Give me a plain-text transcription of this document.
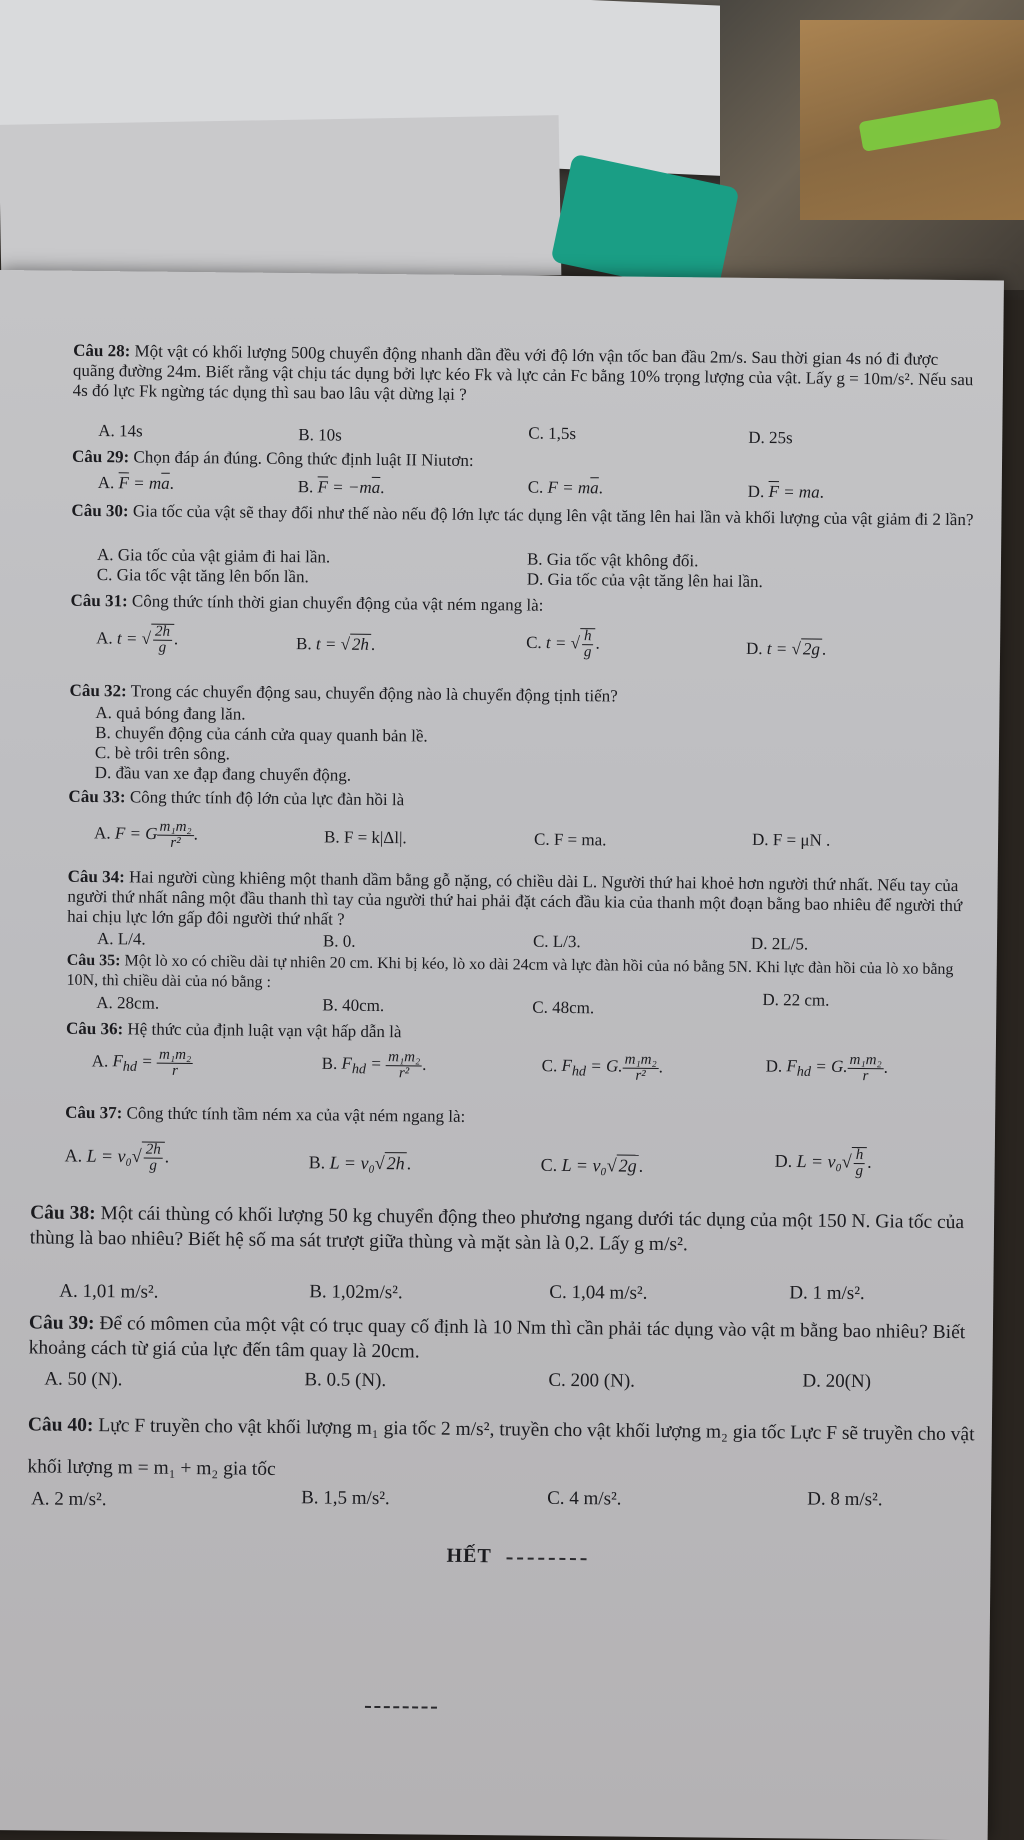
Câu 28: Một vật có khối lượng 500g chuyển động nhanh dần đều với độ lớn vận tốc ban đầu 2m/s. Sau thời gian 4s nó đi được quãng đường 24m. Biết rằng vật chịu tác dụng bởi lực kéo Fk và lực cản Fc bằng 10% trọng lượng của vật. Lấy g = 10m/s². Nếu sau 4s đó lực Fk ngừng tác dụng thì sau bao lâu vật dừng lại ?
A. 14s	B. 10s	C. 1,5s	D. 25s
Câu 29: Chọn đáp án đúng. Công thức định luật II Niutơn:
A. $\overline{F} = m\overline{a}$.	B. $\overline{F} = -m\overline{a}$.	C. $F = m\overline{a}$.	D. $\overline{F}$ = ma.
Câu 30: Gia tốc của vật sẽ thay đổi như thế nào nếu độ lớn lực tác dụng lên vật tăng lên hai lần và khối lượng của vật giảm đi 2 lần?
A. Gia tốc của vật giảm đi hai lần.	B. Gia tốc vật không đổi.
C. Gia tốc vật tăng lên bốn lần.	D. Gia tốc của vật tăng lên hai lần.
Câu 31: Công thức tính thời gian chuyển động của vật ném ngang là:
A. t = √ $\frac{2h}{g}$ .	B. t = √ 2h .	C. t = √ $\frac{h}{g}$ .	D. t = √ 2g .
Câu 32: Trong các chuyển động sau, chuyển động nào là chuyển động tịnh tiến?
A. quả bóng đang lăn.
B. chuyển động của cánh cửa quay quanh bản lề.
C. bè trôi trên sông.
D. đầu van xe đạp đang chuyển động.
Câu 33: Công thức tính độ lớn của lực đàn hồi là
A. F = G $\frac{\text{m₁m₂}}{\text{r²}}$ .	B. F = k|Δl|.	C. F = ma.	D. F = μN .
Câu 34: Hai người cùng khiêng một thanh dầm bằng gỗ nặng, có chiều dài L. Người thứ hai khoẻ hơn người thứ nhất. Nếu tay của người thứ nhất nâng một đầu thanh thì tay của người thứ hai phải đặt cách đầu kia của thanh một đoạn bằng bao nhiêu để người thứ hai chịu lực lớn gấp đôi người thứ nhất ?
A. L/4.	B. 0.	C. L/3.	D. 2L/5.
Câu 35: Một lò xo có chiều dài tự nhiên 20 cm. Khi bị kéo, lò xo dài 24cm và lực đàn hồi của nó bằng 5N. Khi lực đàn hồi của lò xo bằng 10N, thì chiều dài của nó bằng :
A. 28cm.	B. 40cm.	C. 48cm.	D. 22 cm.
Câu 36: Hệ thức của định luật vạn vật hấp dẫn là
A. $F_{hd} = \frac{\text{m₁m₂}}{r}$	B. $F_{hd} = \frac{\text{m₁m₂}}{\text{r²}}$ .	C. $F_{hd} = G$. $\frac{\text{m₁m₂}}{\text{r²}}$ .	D. $F_{hd} = G$. $\frac{\text{m₁m₂}}{r}$ .
Câu 37: Công thức tính tầm ném xa của vật ném ngang là:
A. $L = v_0√ \frac{2h}{g}$ .	B. L = v₀√2h.	C. L = v₀√2g.	D. $L = v_0√ \frac{h}{g}$ .
Câu 38: Một cái thùng có khối lượng 50 kg chuyển động theo phương ngang dưới tác dụng của một 150 N. Gia tốc của thùng là bao nhiêu? Biết hệ số ma sát trượt giữa thùng và mặt sàn là 0,2. Lấy g m/s².
A. 1,01 m/s².	B. 1,02m/s².	C. 1,04 m/s².	D. 1 m/s².
Câu 39: Để có mômen của một vật có trục quay cố định là 10 Nm thì cần phải tác dụng vào vật m bằng bao nhiêu? Biết khoảng cách từ giá của lực đến tâm quay là 20cm.
A. 50 (N).	B. 0.5 (N).	C. 200 (N).	D. 20(N)
Câu 40: Lực F truyền cho vật khối lượng m₁ gia tốc 2 m/s², truyền cho vật khối lượng m₂ gia tốc Lực F sẽ truyền cho vật khối lượng m = m₁ + m₂ gia tốc
A. 2 m/s².	B. 1,5 m/s².	C. 4 m/s².	D. 8 m/s².
HẾT
